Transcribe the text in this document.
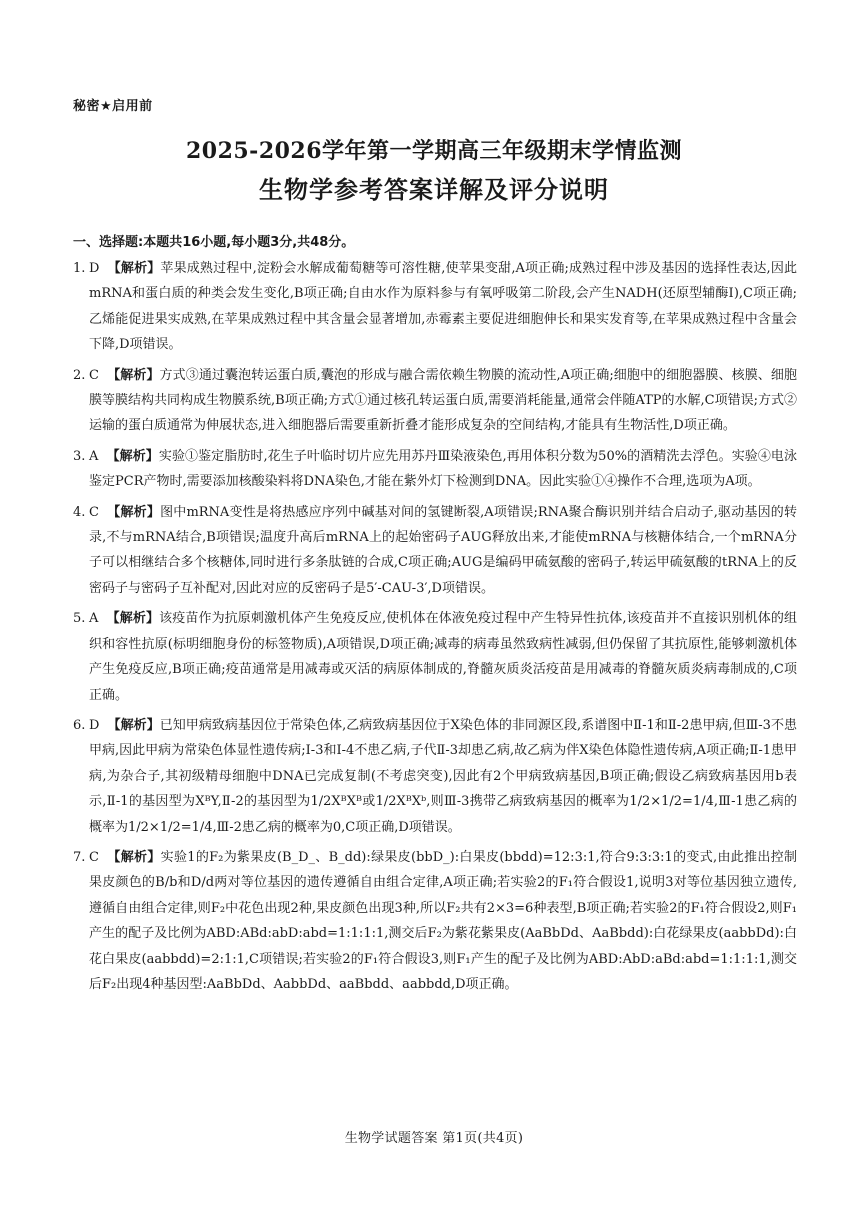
秘密★启用前
2025-2026学年第一学期高三年级期末学情监测
生物学参考答案详解及评分说明
一、选择题:本题共16小题,每小题3分,共48分。
1. D 【解析】苹果成熟过程中,淀粉会水解成葡萄糖等可溶性糖,使苹果变甜,A项正确;成熟过程中涉及基因的选择性表达,因此mRNA和蛋白质的种类会发生变化,B项正确;自由水作为原料参与有氧呼吸第二阶段,会产生NADH(还原型辅酶Ⅰ),C项正确;乙烯能促进果实成熟,在苹果成熟过程中其含量会显著增加,赤霉素主要促进细胞伸长和果实发育等,在苹果成熟过程中含量会下降,D项错误。
2. C 【解析】方式③通过囊泡转运蛋白质,囊泡的形成与融合需依赖生物膜的流动性,A项正确;细胞中的细胞器膜、核膜、细胞膜等膜结构共同构成生物膜系统,B项正确;方式①通过核孔转运蛋白质,需要消耗能量,通常会伴随ATP的水解,C项错误;方式②运输的蛋白质通常为伸展状态,进入细胞器后需要重新折叠才能形成复杂的空间结构,才能具有生物活性,D项正确。
3. A 【解析】实验①鉴定脂肪时,花生子叶临时切片应先用苏丹Ⅲ染液染色,再用体积分数为50%的酒精洗去浮色。实验④电泳鉴定PCR产物时,需要添加核酸染料将DNA染色,才能在紫外灯下检测到DNA。因此实验①④操作不合理,选项为A项。
4. C 【解析】图中mRNA变性是将热感应序列中碱基对间的氢键断裂,A项错误;RNA聚合酶识别并结合启动子,驱动基因的转录,不与mRNA结合,B项错误;温度升高后mRNA上的起始密码子AUG释放出来,才能使mRNA与核糖体结合,一个mRNA分子可以相继结合多个核糖体,同时进行多条肽链的合成,C项正确;AUG是编码甲硫氨酸的密码子,转运甲硫氨酸的tRNA上的反密码子与密码子互补配对,因此对应的反密码子是5′-CAU-3′,D项错误。
5. A 【解析】该疫苗作为抗原刺激机体产生免疫反应,使机体在体液免疫过程中产生特异性抗体,该疫苗并不直接识别机体的组织和容性抗原(标明细胞身份的标签物质),A项错误,D项正确;减毒的病毒虽然致病性减弱,但仍保留了其抗原性,能够刺激机体产生免疫反应,B项正确;疫苗通常是用减毒或灭活的病原体制成的,脊髓灰质炎活疫苗是用减毒的脊髓灰质炎病毒制成的,C项正确。
6. D 【解析】已知甲病致病基因位于常染色体,乙病致病基因位于X染色体的非同源区段,系谱图中Ⅱ-1和Ⅱ-2患甲病,但Ⅲ-3不患甲病,因此甲病为常染色体显性遗传病;Ⅰ-3和Ⅰ-4不患乙病,子代Ⅱ-3却患乙病,故乙病为伴X染色体隐性遗传病,A项正确;Ⅱ-1患甲病,为杂合子,其初级精母细胞中DNA已完成复制(不考虑突变),因此有2个甲病致病基因,B项正确;假设乙病致病基因用b表示,Ⅱ-1的基因型为XᴮY,Ⅱ-2的基因型为1/2XᴮXᴮ或1/2XᴮXᵇ,则Ⅲ-3携带乙病致病基因的概率为1/2×1/2=1/4,Ⅲ-1患乙病的概率为1/2×1/2=1/4,Ⅲ-2患乙病的概率为0,C项正确,D项错误。
7. C 【解析】实验1的F₂为紫果皮(B_D_、B_dd):绿果皮(bbD_):白果皮(bbdd)=12:3:1,符合9:3:3:1的变式,由此推出控制果皮颜色的B/b和D/d两对等位基因的遗传遵循自由组合定律,A项正确;若实验2的F₁符合假设1,说明3对等位基因独立遗传,遵循自由组合定律,则F₂中花色出现2种,果皮颜色出现3种,所以F₂共有2×3=6种表型,B项正确;若实验2的F₁符合假设2,则F₁产生的配子及比例为ABD:ABd:abD:abd=1:1:1:1,测交后F₂为紫花紫果皮(AaBbDd、AaBbdd):白花绿果皮(aabbDd):白花白果皮(aabbdd)=2:1:1,C项错误;若实验2的F₁符合假设3,则F₁产生的配子及比例为ABD:AbD:aBd:abd=1:1:1:1,测交后F₂出现4种基因型:AaBbDd、AabbDd、aaBbdd、aabbdd,D项正确。
生物学试题答案 第1页(共4页)
